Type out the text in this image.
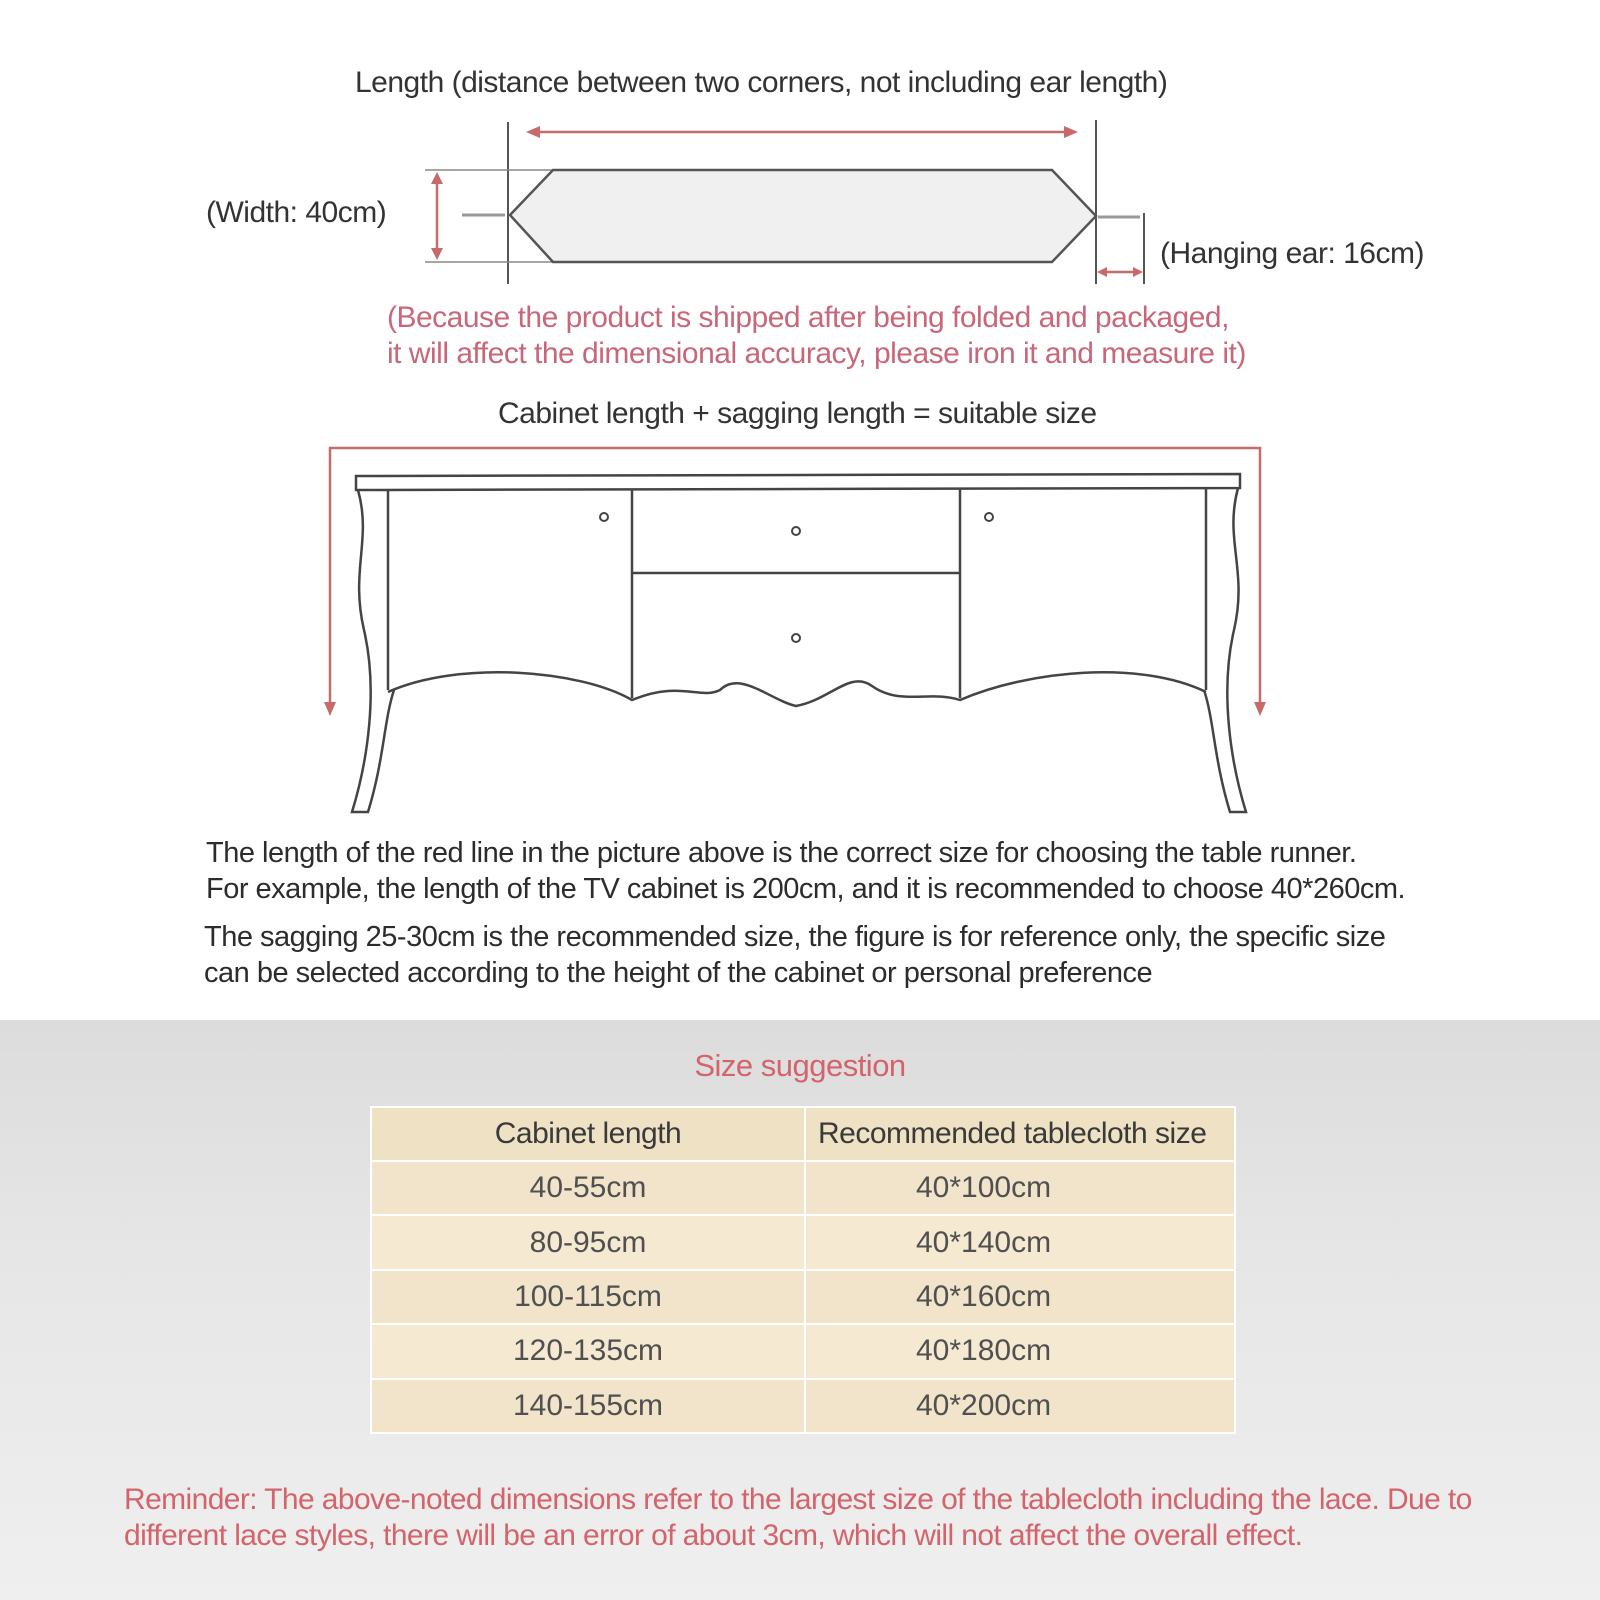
Length (distance between two corners, not including ear length)
(Width: 40cm)
(Hanging ear: 16cm)
(Because the product is shipped after being folded and packaged,
it will affect the dimensional accuracy, please iron it and measure it)
Cabinet length + sagging length = suitable size
The length of the red line in the picture above is the correct size for choosing the table runner.
For example, the length of the TV cabinet is 200cm, and it is recommended to choose 40*260cm.
The sagging 25-30cm is the recommended size, the figure is for reference only, the specific size
can be selected according to the height of the cabinet or personal preference
Size suggestion
Cabinet length	Recommended tablecloth size
40-55cm	40*100cm
80-95cm	40*140cm
100-115cm	40*160cm
120-135cm	40*180cm
140-155cm	40*200cm
Reminder: The above-noted dimensions refer to the largest size of the tablecloth including the lace. Due to
different lace styles, there will be an error of about 3cm, which will not affect the overall effect.
